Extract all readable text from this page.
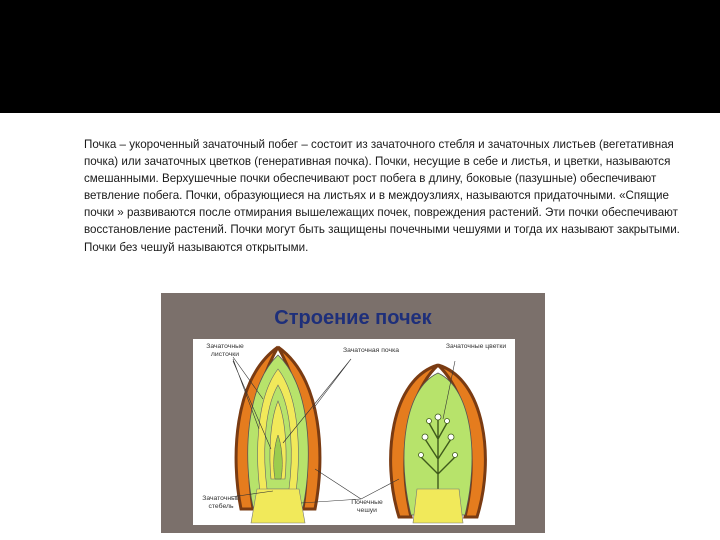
Почка – укороченный зачаточный побег – состоит из зачаточного стебля и зачаточных листьев (вегетативная почка) или зачаточных цветков (генеративная почка). Почки, несущие в себе и листья, и цветки, называются смешанными. Верхушечные почки обеспечивают рост побега в длину, боковые (пазушные) обеспечивают ветвление побега. Почки, образующиеся на листьях и в междоузлиях, называются придаточными. «Спящие почки » развиваются после отмирания вышележащих почек, повреждения растений. Эти почки обеспечивают восстановление растений. Почки могут быть защищены почечными чешуями и тогда их называют закрытыми. Почки без чешуй называются открытыми.

Строение почек
Зачаточные листочки	Зачаточная почка
Зачаточные цветки
Зачаточный стебель	Почечные чешуи
